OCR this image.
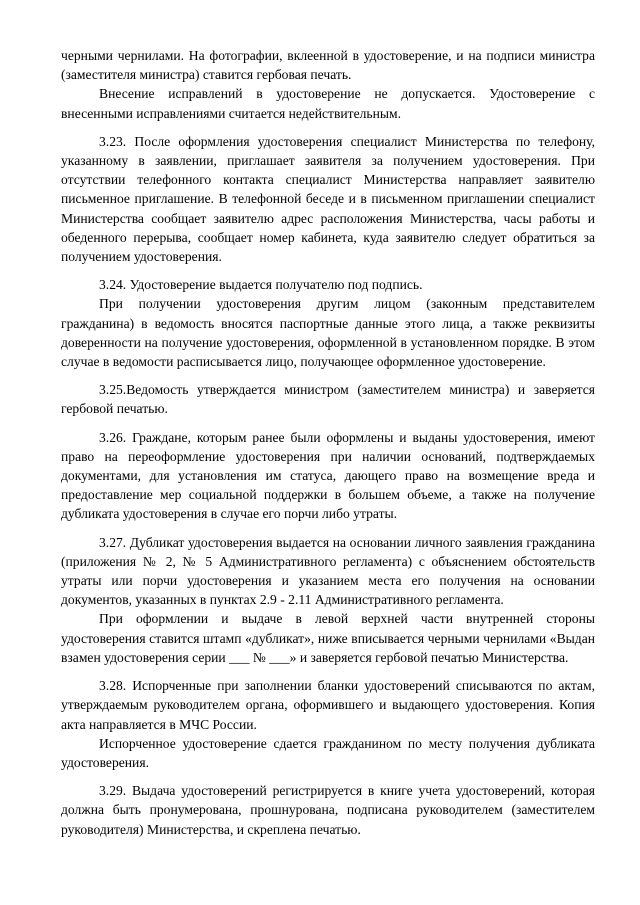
черными чернилами. На фотографии, вклеенной в удостоверение, и на подписи министра (заместителя министра) ставится гербовая печать.

Внесение исправлений в удостоверение не допускается. Удостоверение с внесенными исправлениями считается недействительным.

3.23. После оформления удостоверения специалист Министерства по телефону, указанному в заявлении, приглашает заявителя за получением удостоверения. При отсутствии телефонного контакта специалист Министерства направляет заявителю письменное приглашение. В телефонной беседе и в письменном приглашении специалист Министерства сообщает заявителю адрес расположения Министерства, часы работы и обеденного перерыва, сообщает номер кабинета, куда заявителю следует обратиться за получением удостоверения.

3.24. Удостоверение выдается получателю под подпись.

При получении удостоверения другим лицом (законным представителем гражданина) в ведомость вносятся паспортные данные этого лица, а также реквизиты доверенности на получение удостоверения, оформленной в установленном порядке. В этом случае в ведомости расписывается лицо, получающее оформленное удостоверение.

3.25.Ведомость утверждается министром (заместителем министра) и заверяется гербовой печатью.

3.26. Граждане, которым ранее были оформлены и выданы удостоверения, имеют право на переоформление удостоверения при наличии оснований, подтверждаемых документами, для установления им статуса, дающего право на возмещение вреда и предоставление мер социальной поддержки в большем объеме, а также на получение дубликата удостоверения в случае его порчи либо утраты.

3.27. Дубликат удостоверения выдается на основании личного заявления гражданина (приложения № 2, № 5 Административного регламента) с объяснением обстоятельств утраты или порчи удостоверения и указанием места его получения на основании документов, указанных в пунктах 2.9 - 2.11 Административного регламента.

При оформлении и выдаче в левой верхней части внутренней стороны удостоверения ставится штамп «дубликат», ниже вписывается черными чернилами «Выдан взамен удостоверения серии ___ № ___» и заверяется гербовой печатью Министерства.

3.28. Испорченные при заполнении бланки удостоверений списываются по актам, утверждаемым руководителем органа, оформившего и выдающего удостоверения. Копия акта направляется в МЧС России.

Испорченное удостоверение сдается гражданином по месту получения дубликата удостоверения.

3.29. Выдача удостоверений регистрируется в книге учета удостоверений, которая должна быть пронумерована, прошнурована, подписана руководителем (заместителем руководителя) Министерства, и скреплена печатью.
